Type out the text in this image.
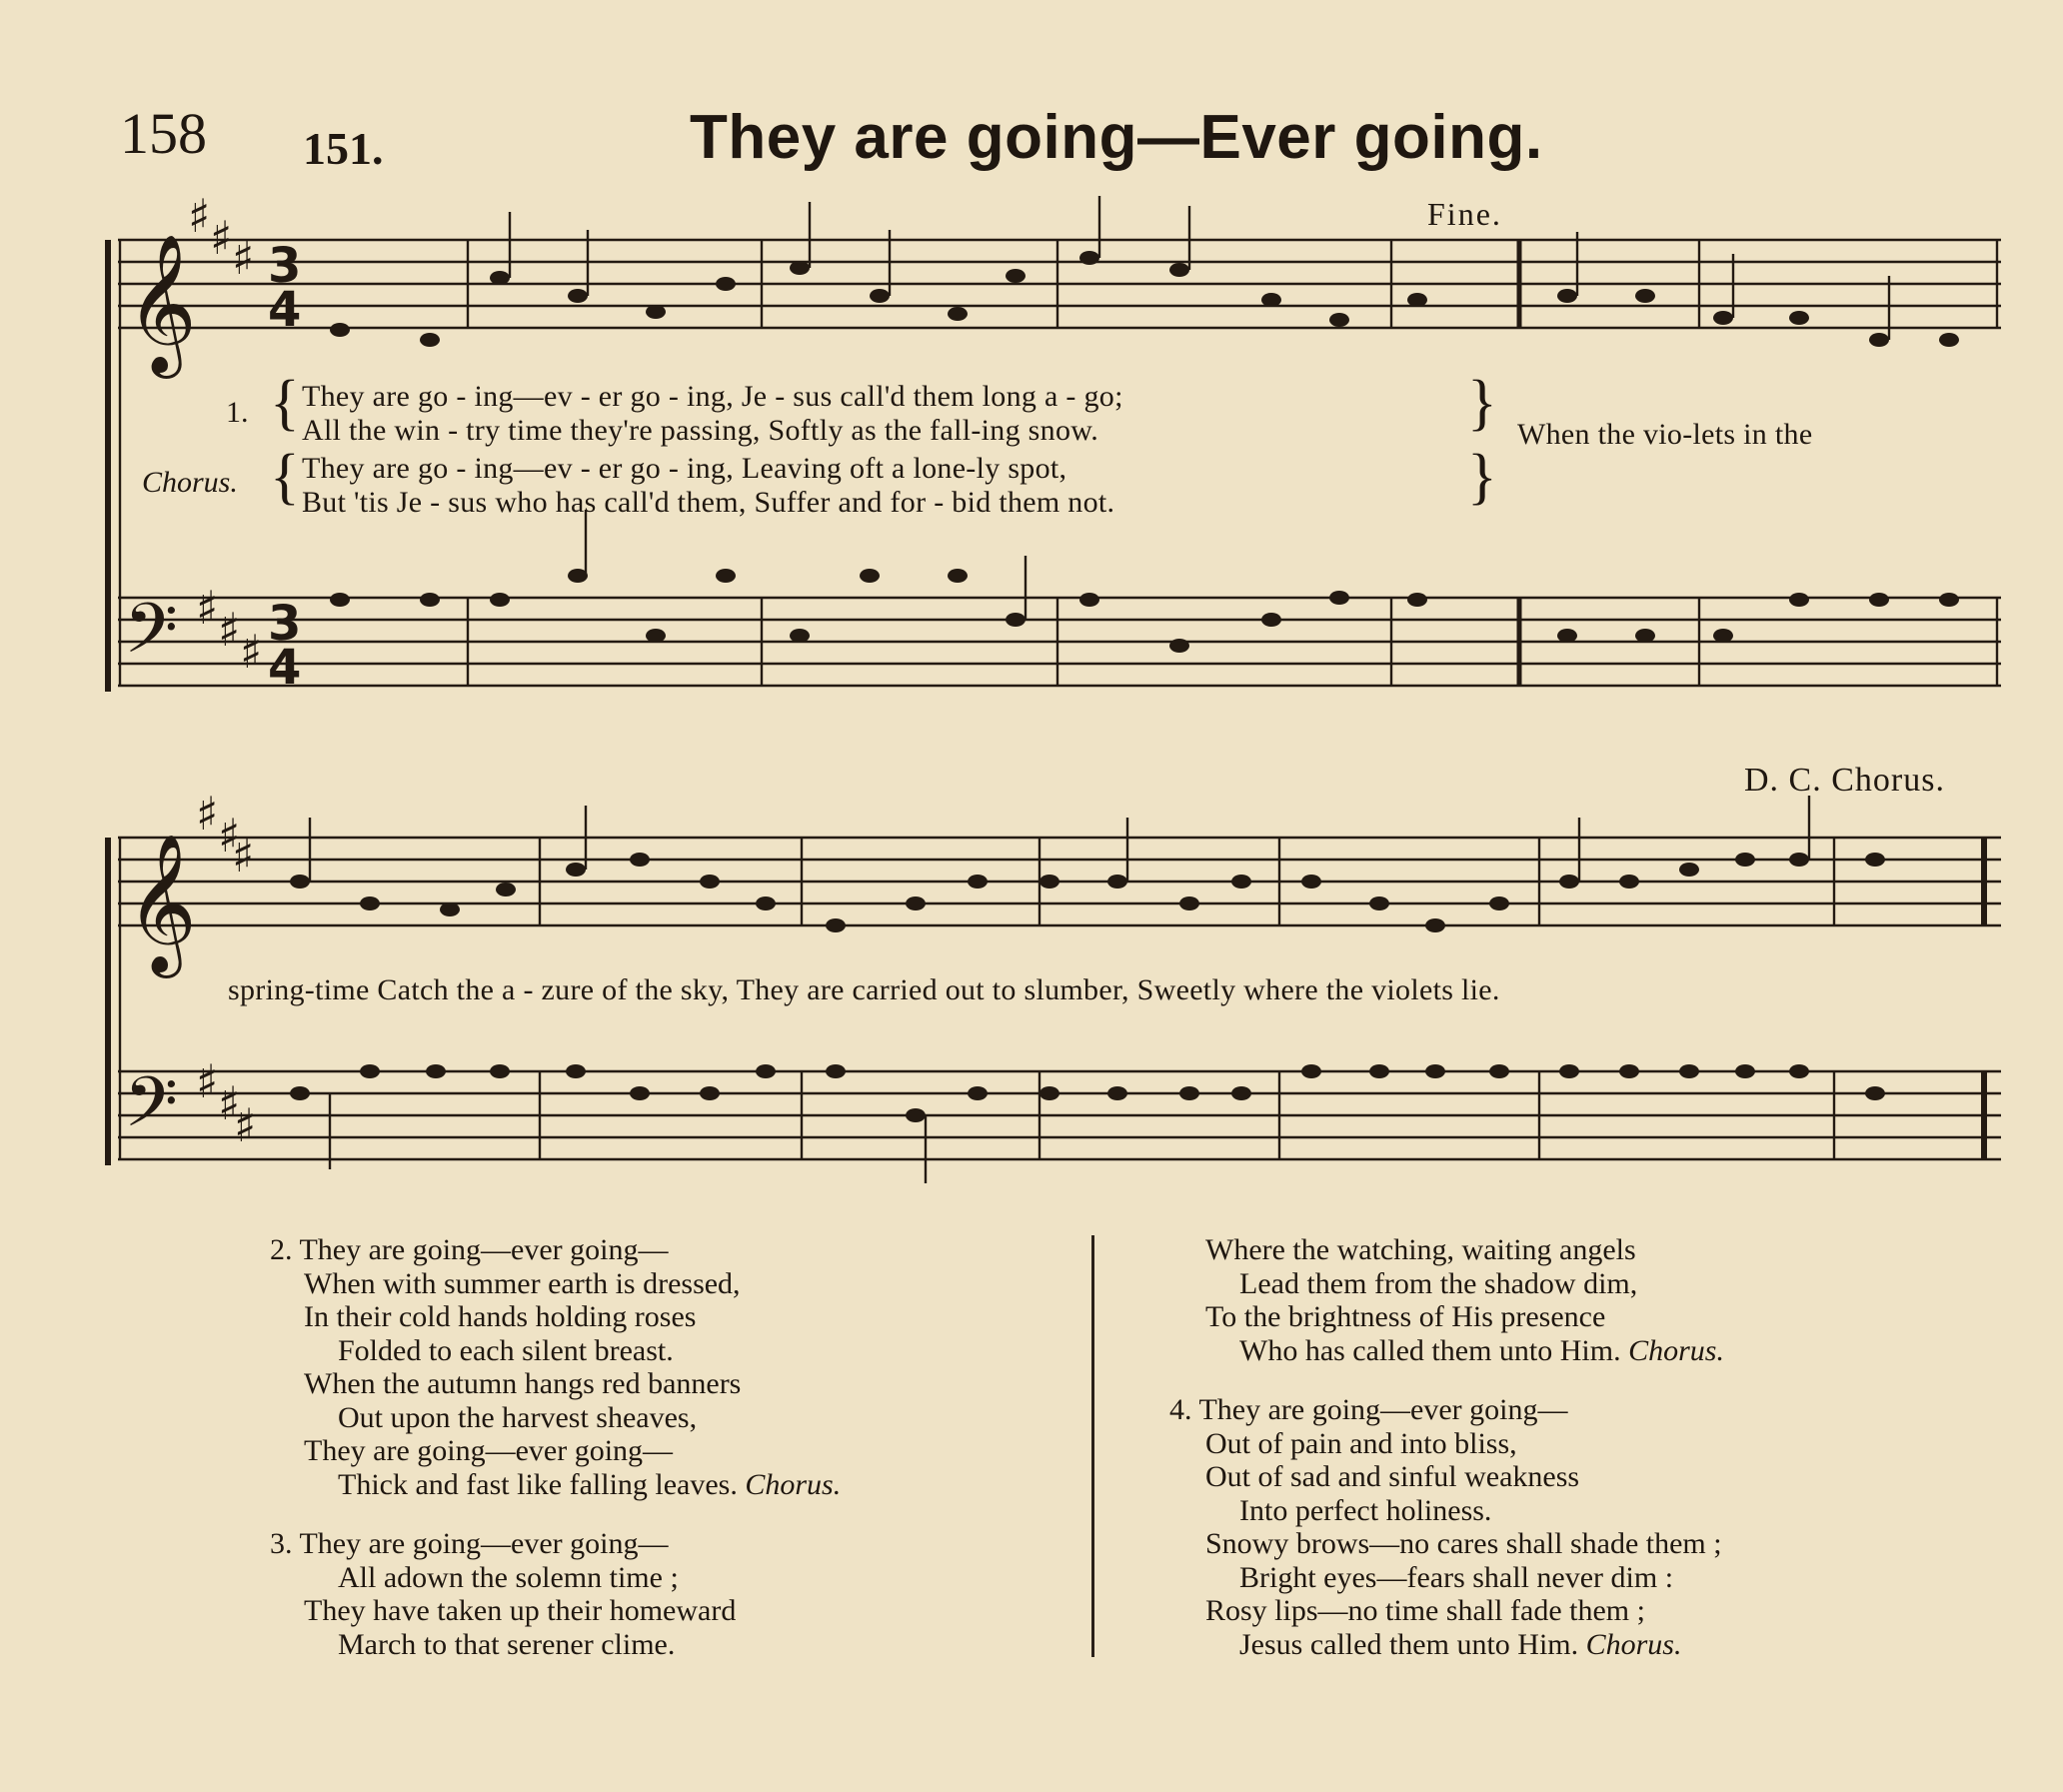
158 151.	They are going—Ever going.
Fine.
D. C. Chorus.
𝄞
𝄢
𝄞
𝄢
♯ ♯ ♯
♯ ♯ ♯
♯ ♯
♯
♯ ♯
♯
3
4
3
4
1. { They are go - ing—ev - er go - ing, Je - sus call'd them long a - go;
All the win - try time they're passing, Softly as the fall-ing snow.	} When the vio-lets in the
Chorus. { They are go - ing—ev - er go - ing, Leaving oft a lone-ly spot,
But 'tis Je - sus who has call'd them, Suffer and for - bid them not.	}
spring-time Catch the a - zure of the sky, They are carried out to slumber, Sweetly where the violets lie.
2. They are going—ever going—
When with summer earth is dressed,
In their cold hands holding roses
Folded to each silent breast.
When the autumn hangs red banners
Out upon the harvest sheaves,
They are going—ever going—
Thick and fast like falling leaves. Chorus.
3. They are going—ever going—
All adown the solemn time ;
They have taken up their homeward
March to that serener clime.
Where the watching, waiting angels
Lead them from the shadow dim,
To the brightness of His presence
Who has called them unto Him. Chorus.
4. They are going—ever going—
Out of pain and into bliss,
Out of sad and sinful weakness
Into perfect holiness.
Snowy brows—no cares shall shade them ;
Bright eyes—fears shall never dim :
Rosy lips—no time shall fade them ;
Jesus called them unto Him. Chorus.
